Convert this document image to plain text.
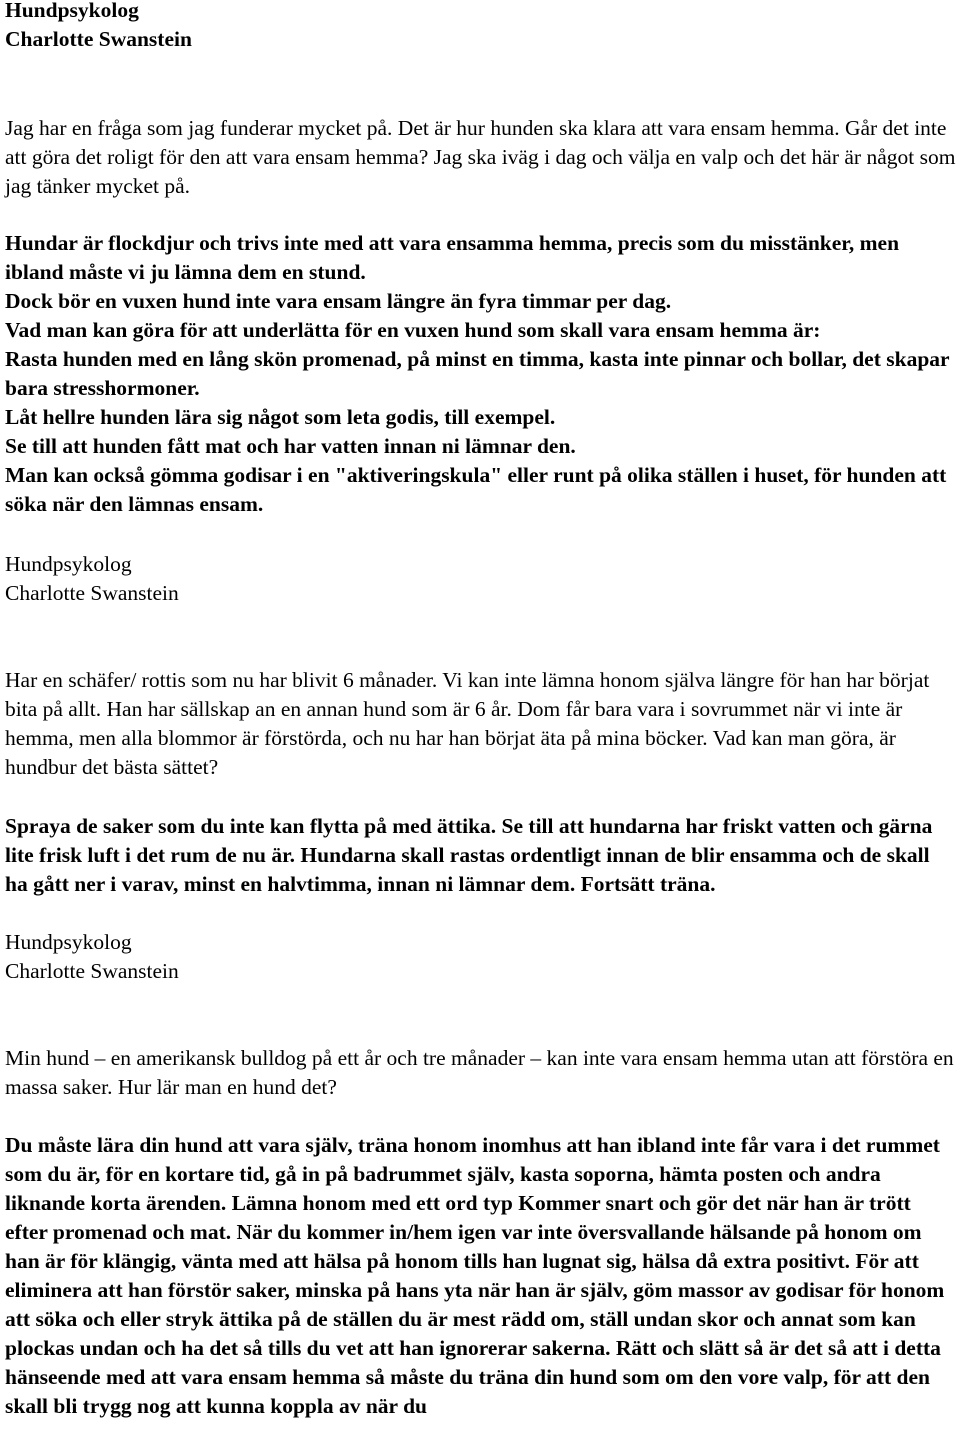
Hundpsykolog
Charlotte Swanstein

Jag har en fråga som jag funderar mycket på. Det är hur hunden ska klara att vara ensam hemma. Går det inte att göra det roligt för den att vara ensam hemma? Jag ska iväg i dag och välja en valp och det här är något som jag tänker mycket på.

Hundar är flockdjur och trivs inte med att vara ensamma hemma, precis som du misstänker, men ibland måste vi ju lämna dem en stund.

Dock bör en vuxen hund inte vara ensam längre än fyra timmar per dag.

Vad man kan göra för att underlätta för en vuxen hund som skall vara ensam hemma är:

Rasta hunden med en lång skön promenad, på minst en timma, kasta inte pinnar och bollar, det skapar bara stresshormoner.

Låt hellre hunden lära sig något som leta godis, till exempel.

Se till att hunden fått mat och har vatten innan ni lämnar den.

Man kan också gömma godisar i en "aktiveringskula" eller runt på olika ställen i huset, för hunden att söka när den lämnas ensam.

Hundpsykolog
Charlotte Swanstein

Har en schäfer/ rottis som nu har blivit 6 månader. Vi kan inte lämna honom själva längre för han har börjat bita på allt. Han har sällskap an en annan hund som är 6 år. Dom får bara vara i sovrummet när vi inte är hemma, men alla blommor är förstörda, och nu har han börjat äta på mina böcker. Vad kan man göra, är hundbur det bästa sättet?

Spraya de saker som du inte kan flytta på med ättika. Se till att hundarna har friskt vatten och gärna lite frisk luft i det rum de nu är. Hundarna skall rastas ordentligt innan de blir ensamma och de skall ha gått ner i varav, minst en halvtimma, innan ni lämnar dem. Fortsätt träna.

Hundpsykolog
Charlotte Swanstein

Min hund – en amerikansk bulldog på ett år och tre månader – kan inte vara ensam hemma utan att förstöra en massa saker. Hur lär man en hund det?

Du måste lära din hund att vara själv, träna honom inomhus att han ibland inte får vara i det rummet som du är, för en kortare tid, gå in på badrummet själv, kasta soporna, hämta posten och andra liknande korta ärenden. Lämna honom med ett ord typ Kommer snart och gör det när han är trött efter promenad och mat. När du kommer in/hem igen var inte översvallande hälsande på honom om han är för klängig, vänta med att hälsa på honom tills han lugnat sig, hälsa då extra positivt. För att eliminera att han förstör saker, minska på hans yta när han är själv, göm massor av godisar för honom att söka och eller stryk ättika på de ställen du är mest rädd om, ställ undan skor och annat som kan plockas undan och ha det så tills du vet att han ignorerar sakerna. Rätt och slätt så är det så att i detta hänseende med att vara ensam hemma så måste du träna din hund som om den vore valp, för att den skall bli trygg nog att kunna koppla av när du
